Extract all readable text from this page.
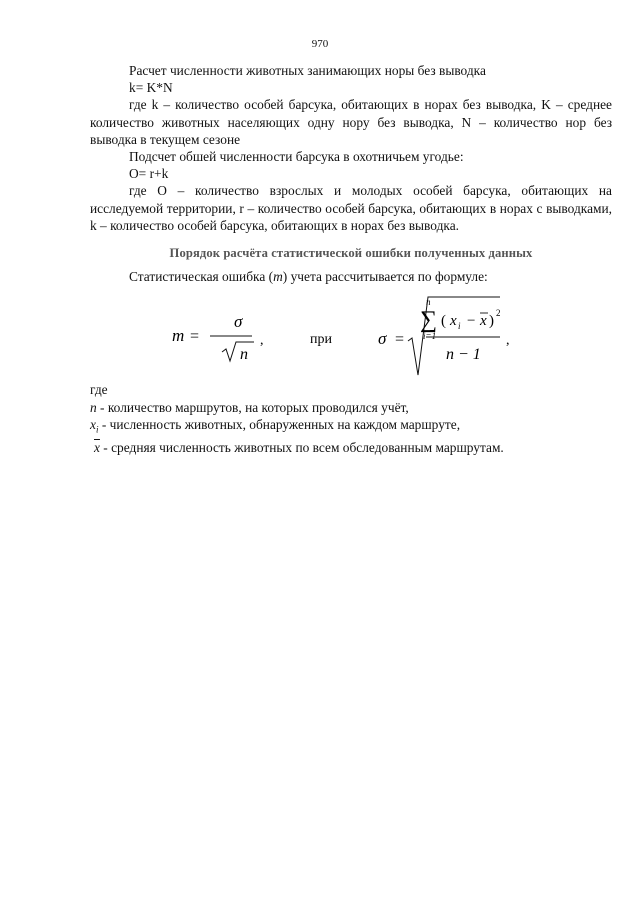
970

Расчет численности животных занимающих норы без выводка

k= K*N

где k – количество особей барсука, обитающих в норах без выводка, K – среднее количество животных населяющих одну нору без выводка, N – количество нор без выводка в текущем сезоне

Подсчет обшей численности барсука в охотничьем угодье:

O= r+k

где O – количество взрослых и молодых особей барсука, обитающих на исследуемой территории, r – количество особей барсука, обитающих в норах с выводками, k – количество особей барсука, обитающих в норах без выводка.

Порядок расчёта статистической ошибки полученных данных

Статистическая ошибка (m) учета рассчитывается по формуле:

m =
σ
n
,	при	σ =
n
∑
i=1
( x i − x ) 2
n − 1
,

где

n - количество маршрутов, на которых проводился учёт,

$x_i$ - численность животных, обнаруженных на каждом маршруте,

$\overline{x}$ - средняя численность животных по всем обследованным маршрутам.
